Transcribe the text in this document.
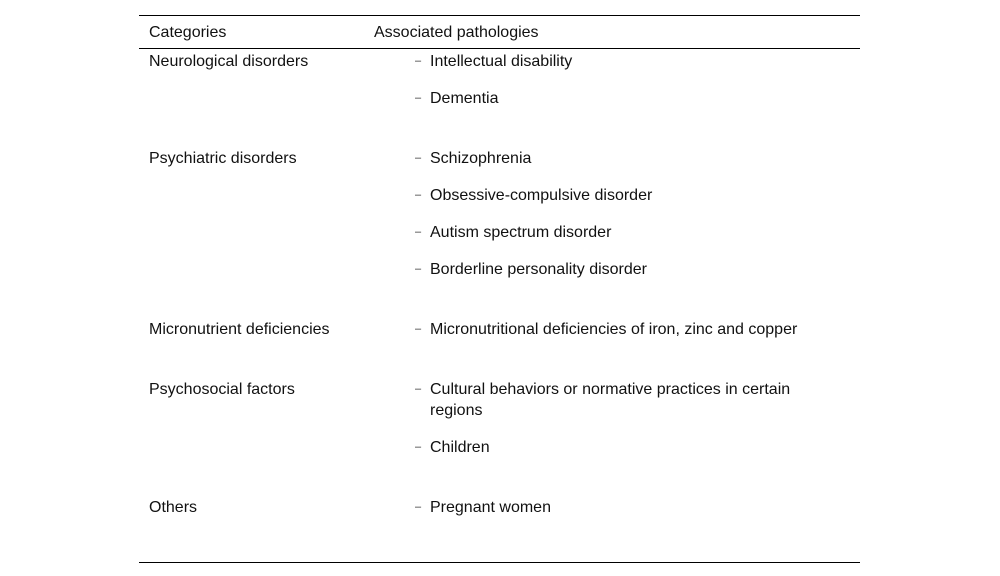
Categories	Associated pathologies
Neurological disorders	– Intellectual disability
– Dementia
Psychiatric disorders	– Schizophrenia
– Obsessive-compulsive disorder
– Autism spectrum disorder
– Borderline personality disorder
Micronutrient deficiencies	– Micronutritional deficiencies of iron, zinc and copper
Psychosocial factors	– Cultural behaviors or normative practices in certain regions
– Children
Others	– Pregnant women
